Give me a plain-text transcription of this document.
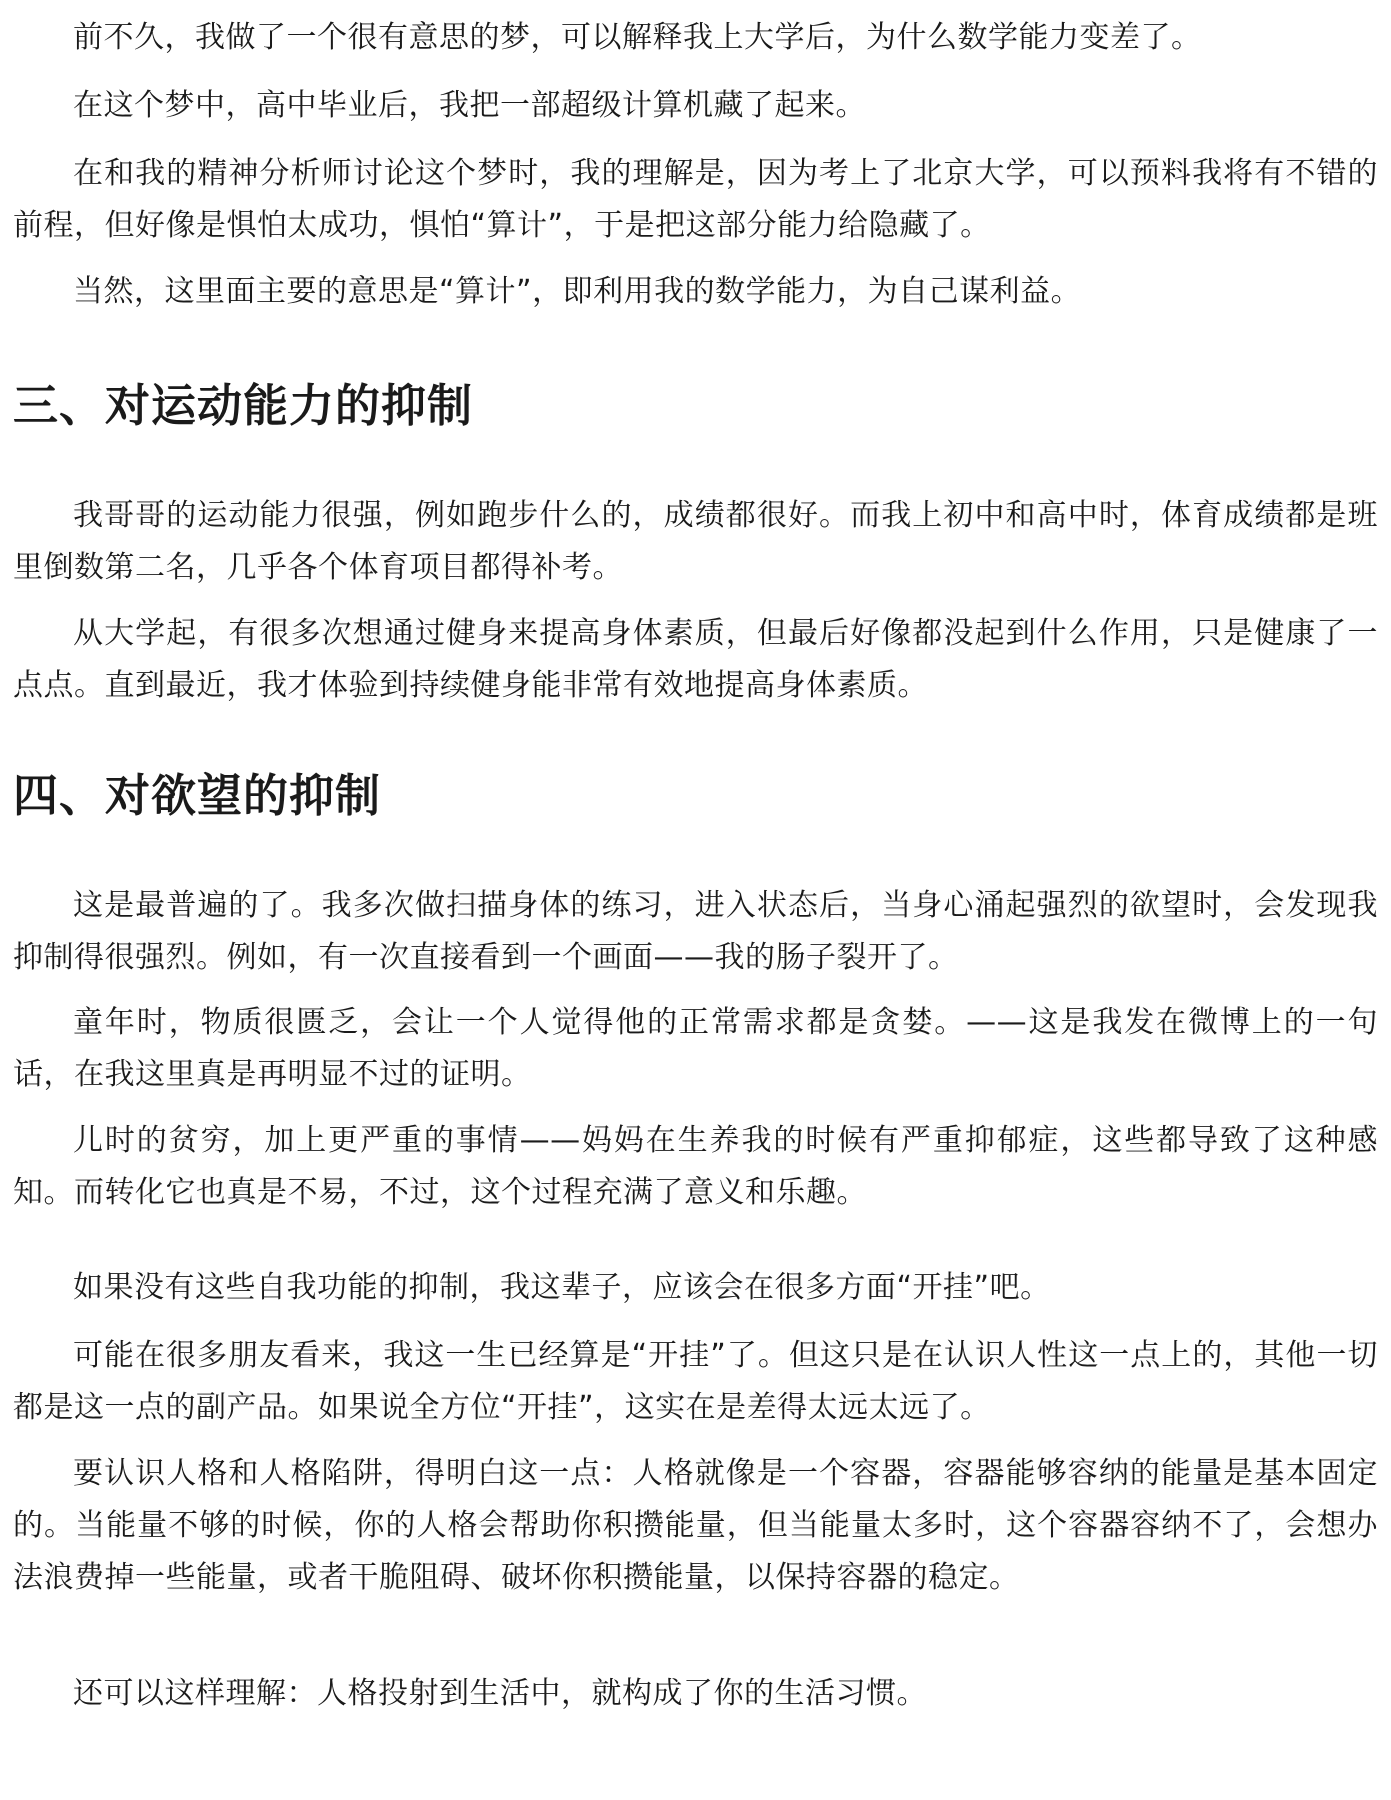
前不久，我做了一个很有意思的梦，可以解释我上大学后，为什么数学能力变差了。

在这个梦中，高中毕业后，我把一部超级计算机藏了起来。

在和我的精神分析师讨论这个梦时，我的理解是，因为考上了北京大学，可以预料我将有不错的前程，但好像是惧怕太成功，惧怕“算计”，于是把这部分能力给隐藏了。

当然，这里面主要的意思是“算计”，即利用我的数学能力，为自己谋利益。

三、对运动能力的抑制

我哥哥的运动能力很强，例如跑步什么的，成绩都很好。而我上初中和高中时，体育成绩都是班里倒数第二名，几乎各个体育项目都得补考。

从大学起，有很多次想通过健身来提高身体素质，但最后好像都没起到什么作用，只是健康了一点点。直到最近，我才体验到持续健身能非常有效地提高身体素质。

四、对欲望的抑制

这是最普遍的了。我多次做扫描身体的练习，进入状态后，当身心涌起强烈的欲望时，会发现我抑制得很强烈。例如，有一次直接看到一个画面——我的肠子裂开了。

童年时，物质很匮乏，会让一个人觉得他的正常需求都是贪婪。——这是我发在微博上的一句话，在我这里真是再明显不过的证明。

儿时的贫穷，加上更严重的事情——妈妈在生养我的时候有严重抑郁症，这些都导致了这种感知。而转化它也真是不易，不过，这个过程充满了意义和乐趣。

如果没有这些自我功能的抑制，我这辈子，应该会在很多方面“开挂”吧。

可能在很多朋友看来，我这一生已经算是“开挂”了。但这只是在认识人性这一点上的，其他一切都是这一点的副产品。如果说全方位“开挂”，这实在是差得太远太远了。

要认识人格和人格陷阱，得明白这一点：人格就像是一个容器，容器能够容纳的能量是基本固定的。当能量不够的时候，你的人格会帮助你积攒能量，但当能量太多时，这个容器容纳不了，会想办法浪费掉一些能量，或者干脆阻碍、破坏你积攒能量，以保持容器的稳定。

还可以这样理解：人格投射到生活中，就构成了你的生活习惯。
